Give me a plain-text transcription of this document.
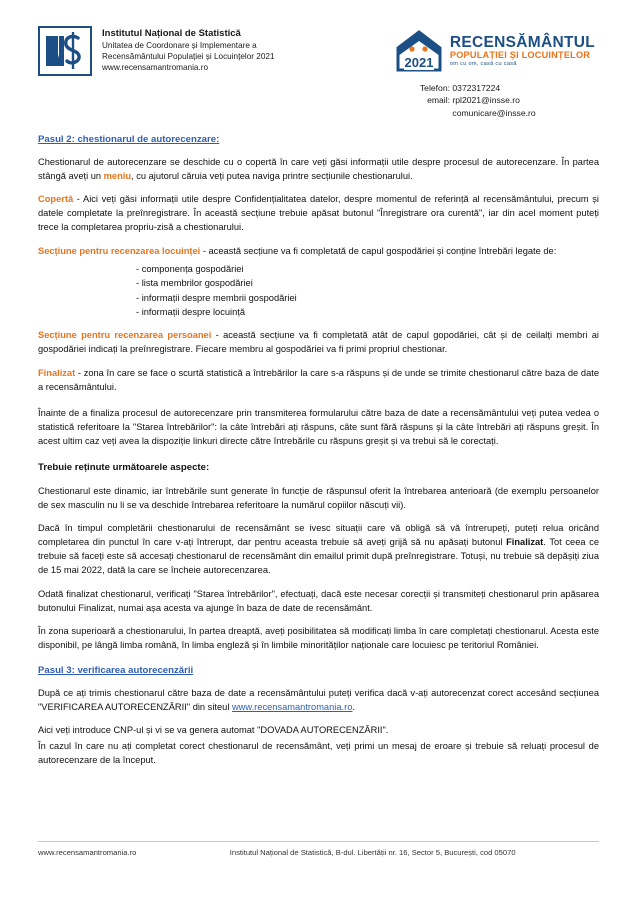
Institutul Național de Statistică
Unitatea de Coordonare și Implementare a
Recensământului Populației și Locuințelor 2021
www.recensamantromania.ro	2021
RECENSĂMÂNTUL
POPULAȚIEI ȘI LOCUINȚELOR
om cu om, casă cu casă
Telefon: 0372317224
email: rpl2021@insse.ro
comunicare@insse.ro
Pasul 2: chestionarul de autorecenzare:

Chestionarul de autorecenzare se deschide cu o copertă în care veți găsi informații utile despre procesul de autorecenzare. În partea stângă aveți un meniu, cu ajutorul căruia veți putea naviga printre secțiunile chestionarului.

Copertă - Aici veți găsi informații utile despre Confidențialitatea datelor, despre momentul de referință al recensământului, precum și datele completate la preînregistrare. În această secțiune trebuie apăsat butonul "Înregistrare ora curentă", iar din acel moment puteți trece la completarea propriu-zisă a chestionarului.

Secțiune pentru recenzarea locuinței - această secțiune va fi completată de capul gospodăriei și conține întrebări legate de:

- componența gospodăriei
- lista membrilor gospodăriei
- informații despre membrii gospodăriei
- informații despre locuință

Secțiune pentru recenzarea persoanei - această secțiune va fi completată atât de capul gopodăriei, cât și de ceilalți membri ai gospodăriei indicați la preînregistrare. Fiecare membru al gospodăriei va fi primi propriul chestionar.

Finalizat - zona în care se face o scurtă statistică a întrebărilor la care s-a răspuns și de unde se trimite chestionarul către baza de date a recensământului.

Înainte de a finaliza procesul de autorecenzare prin transmiterea formularului către baza de date a recensământului veți putea vedea o statistică referitoare la "Starea întrebărilor": la câte întrebări ați răspuns, câte sunt fără răspuns și la câte întrebări ați răspuns greșit. În acest ultim caz veți avea la dispoziție linkuri directe către întrebările cu răspuns greșit și va trebui să le corectați.

Trebuie reținute următoarele aspecte:

Chestionarul este dinamic, iar întrebările sunt generate în funcție de răspunsul oferit la întrebarea anterioară (de exemplu persoanelor de sex masculin nu li se va deschide întrebarea referitoare la numărul copiilor născuți vii).

Dacă în timpul completării chestionarului de recensământ se ivesc situații care vă obligă să vă întrerupeți, puteți relua oricând completarea din punctul în care v-ați întrerupt, dar pentru aceasta trebuie să aveți grijă să nu apăsați butonul Finalizat. Tot ceea ce trebuie să faceți este să accesați chestionarul de recensământ din emailul primit după preînregistrare. Totuși, nu trebuie să depășiți ziua de 15 mai 2022, dată la care se încheie autorecenzarea.

Odată finalizat chestionarul, verificați "Starea întrebărilor", efectuați, dacă este necesar corecții și transmiteți chestionarul prin apăsarea butonului Finalizat, numai așa acesta va ajunge în baza de date de recensământ.

În zona superioară a chestionarului, în partea dreaptă, aveți posibilitatea să modificați limba în care completați chestionarul. Acesta este disponibil, pe lângă limba română, în limba engleză și în limbile minorităților naționale care locuiesc pe teritoriul României.

Pasul 3: verificarea autorecenzării

După ce ați trimis chestionarul către baza de date a recensământului puteți verifica dacă v-ați autorecenzat corect accesând secțiunea "VERIFICAREA AUTORECENZĂRII" din siteul www.recensamantromania.ro.

Aici veți introduce CNP-ul și vi se va genera automat "DOVADA AUTORECENZĂRII".

În cazul în care nu ați completat corect chestionarul de recensământ, veți primi un mesaj de eroare și trebuie să reluați procesul de autorecenzare de la început.

www.recensamantromania.ro	Institutul Național de Statistică, B-dul. Libertății nr. 16, Sector 5, București, cod 05070
